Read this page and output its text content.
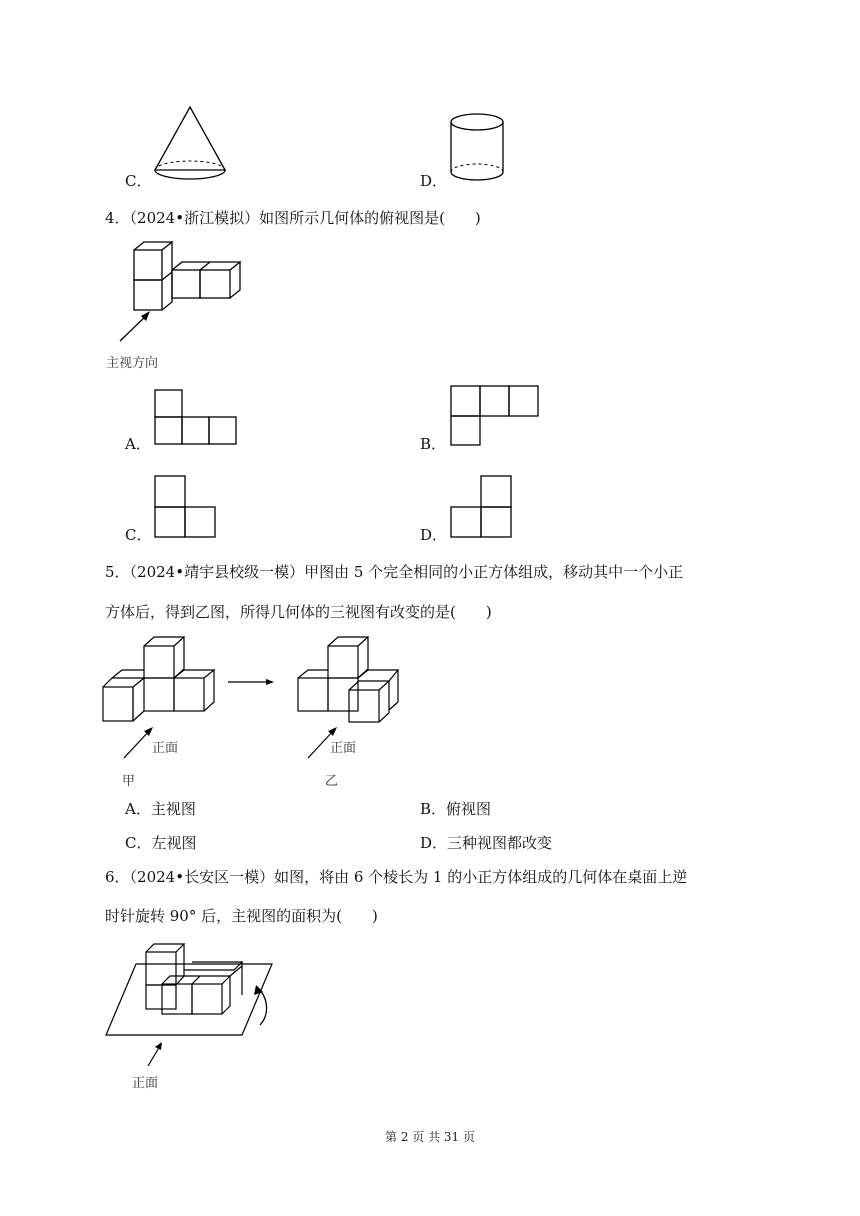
C．	D．
4．（2024•浙江模拟）如图所示几何体的俯视图是(　　)
主视方向
A．	B．
C．	D．
5．（2024•靖宇县校级一模）甲图由 5 个完全相同的小正方体组成，移动其中一个小正
方体后，得到乙图，所得几何体的三视图有改变的是(　　)
正面
甲
正面
乙
A．主视图	B．俯视图
C．左视图	D．三种视图都改变
6．（2024•长安区一模）如图，将由 6 个棱长为 1 的小正方体组成的几何体在桌面上逆
时针旋转 90° 后，主视图的面积为(　　)
正面
第 2 页 共 31 页
